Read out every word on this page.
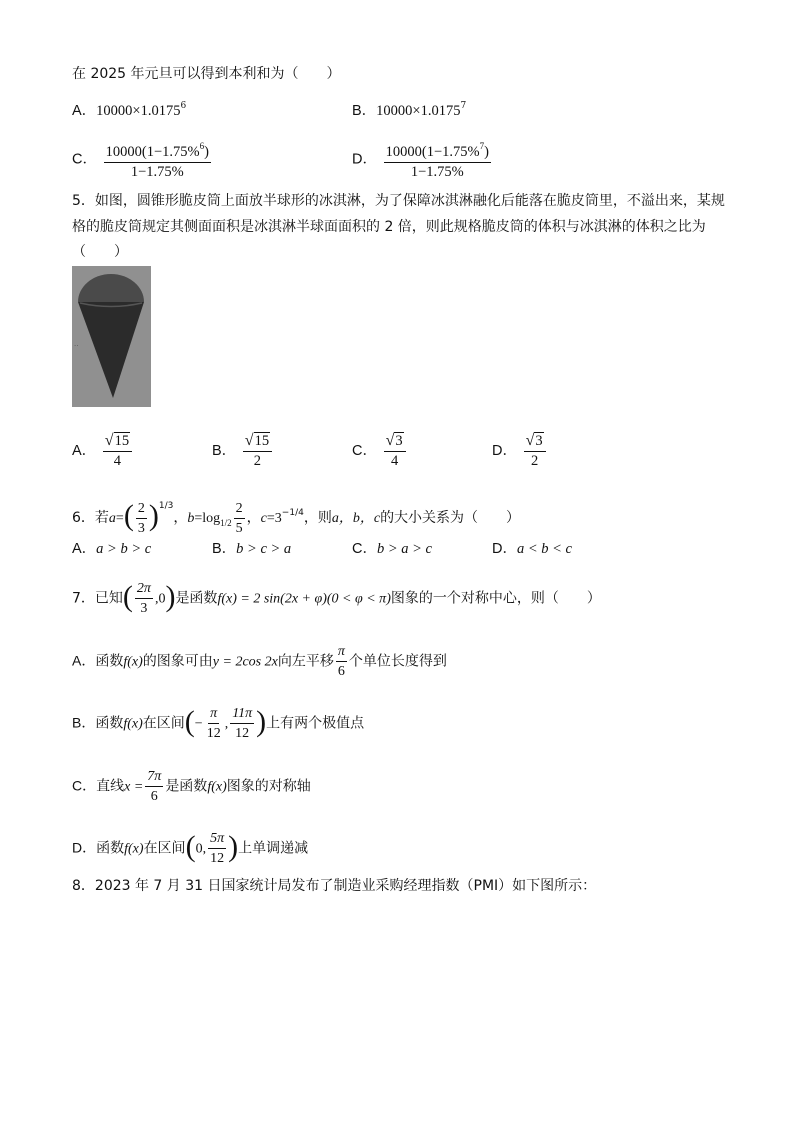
在 2025 年元旦可以得到本利和为（　　）
A．$10000\times 1.0175^6$	B．$10000\times 1.0175^7$
C． $\frac{10000(1-1.75\%^6)}{1-1.75\%}$	D． $\frac{10000(1-1.75\%^7)}{1-1.75\%}$
5．如图，圆锥形脆皮筒上面放半球形的冰淇淋，为了保障冰淇淋融化后能落在脆皮筒里，不溢出来，某规
格的脆皮筒规定其侧面面积是冰淇淋半球面面积的 2 倍，则此规格脆皮筒的体积与冰淇淋的体积之比为
（　　）
..
A． $\frac{√ 15}{4}$	B． $\frac{√ 15}{2}$	C． $\frac{√ 3}{4}$	D． $\frac{√ 3}{2}$
6．若$a=( \frac{2}{3} )^{1/3}$，$b=\log_{1/2} \frac{2}{5}$ ，$c=3^{-1/4}$，则a，b，c的大小关系为（　　）
A．a > b > c	B．b > c > a	C．b > a > c	D．a < b < c
7．已知( $\frac{2\pi}{3} ,0$)是函数f(x) = 2 sin(2x + φ)(0 < φ < π)图象的一个对称中心，则（　　）
A．函数f(x)的图象可由y = 2cos 2x向左平移 $\frac{\pi}{6}$ 个单位长度得到
B．函数f(x)在区间(− $\frac{\pi}{12}$ , $\frac{11\pi}{12}$ )上有两个极值点
C．直线$x = \frac{7\pi}{6}$ 是函数f(x)图象的对称轴
D．函数f(x)在区间(0, $\frac{5\pi}{12}$ )上单调递减
8．2023 年 7 月 31 日国家统计局发布了制造业采购经理指数（PMI）如下图所示：
